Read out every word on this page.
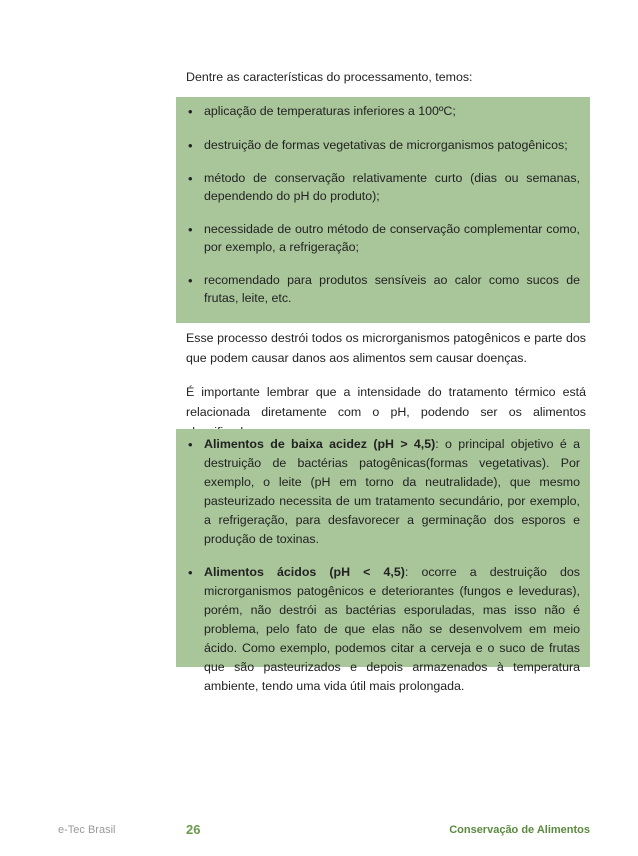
Dentre as características do processamento, temos:

• aplicação de temperaturas inferiores a 100ºC;
• destruição de formas vegetativas de microrganismos patogênicos;
• método de conservação relativamente curto (dias ou semanas, dependendo do pH do produto);
• necessidade de outro método de conservação complementar como, por exemplo, a refrigeração;
• recomendado para produtos sensíveis ao calor como sucos de frutas, leite, etc.

Esse processo destrói todos os microrganismos patogênicos e parte dos que podem causar danos aos alimentos sem causar doenças.

É importante lembrar que a intensidade do tratamento térmico está relacionada diretamente com o pH, podendo ser os alimentos

• Alimentos de baixa acidez (pH > 4,5): o principal objetivo é a destruição de bactérias patogênicas(formas vegetativas). Por exemplo, o leite (pH em torno da neutralidade), que mesmo pasteurizado necessita de um tratamento secundário, por exemplo, a refrigeração, para desfavorecer a germinação dos esporos e produção de toxinas.
• Alimentos ácidos (pH < 4,5): ocorre a destruição dos microrganismos patogênicos e deteriorantes (fungos e leveduras), porém, não destrói as bactérias esporuladas, mas isso não é problema, pelo fato de que elas não se desenvolvem em meio ácido. Como exemplo, podemos citar a cerveja e o suco de frutas que são pasteurizados e depois armazenados à temperatura ambiente, tendo uma vida útil mais prolongada.
e-Tec Brasil	26	Conservação de Alimentos
